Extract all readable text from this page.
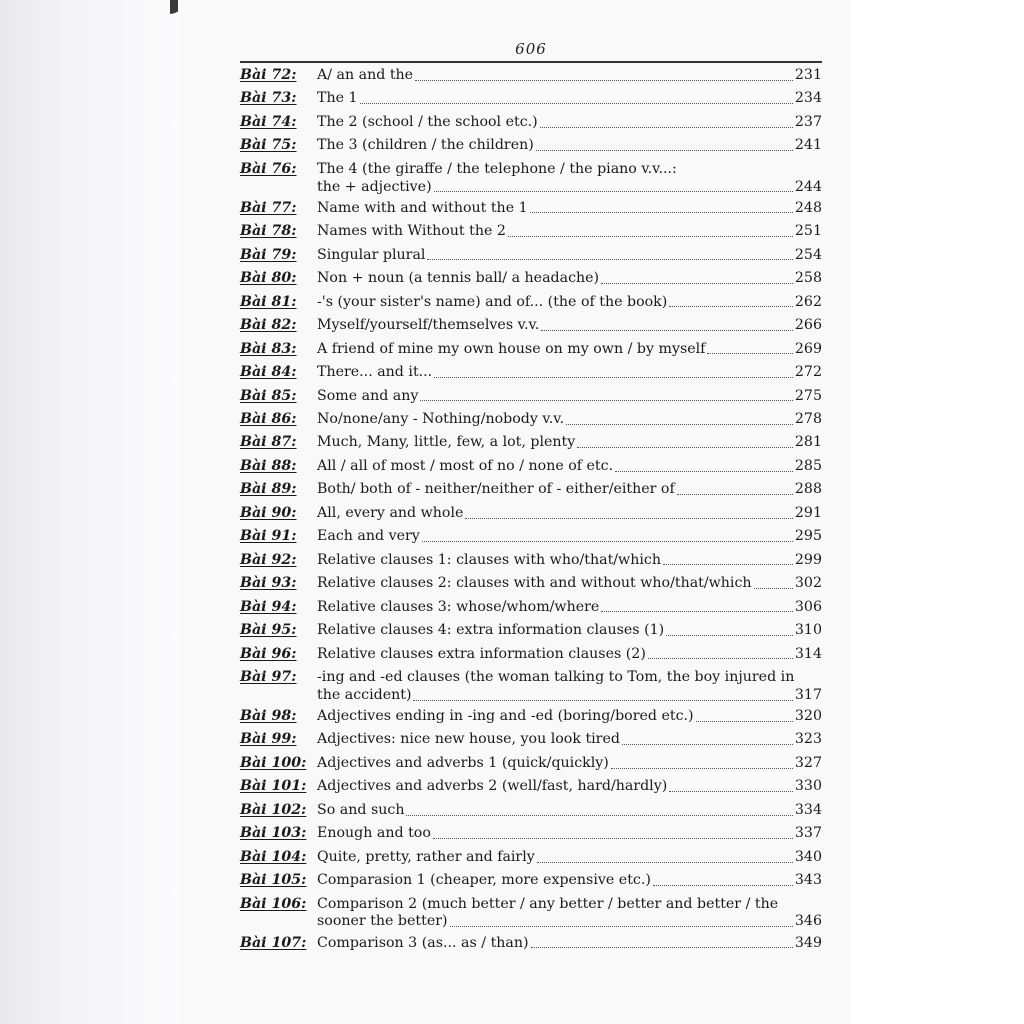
606
Bài 72:	A/ an and the	231
Bài 73:	The 1	234
Bài 74:	The 2 (school / the school etc.)	237
Bài 75:	The 3 (children / the children)	241
Bài 76:	The 4 (the giraffe / the telephone / the piano v.v...:
the + adjective)	244
Bài 77:	Name with and without the 1	248
Bài 78:	Names with Without the 2	251
Bài 79:	Singular plural	254
Bài 80:	Non + noun (a tennis ball/ a headache)	258
Bài 81:	-'s (your sister's name) and of... (the of the book)	262
Bài 82:	Myself/yourself/themselves v.v.	266
Bài 83:	A friend of mine my own house on my own / by myself	269
Bài 84:	There... and it...	272
Bài 85:	Some and any	275
Bài 86:	No/none/any - Nothing/nobody v.v.	278
Bài 87:	Much, Many, little, few, a lot, plenty	281
Bài 88:	All / all of most / most of no / none of etc.	285
Bài 89:	Both/ both of - neither/neither of - either/either of	288
Bài 90:	All, every and whole	291
Bài 91:	Each and very	295
Bài 92:	Relative clauses 1: clauses with who/that/which	299
Bài 93:	Relative clauses 2: clauses with and without who/that/which	302
Bài 94:	Relative clauses 3: whose/whom/where	306
Bài 95:	Relative clauses 4: extra information clauses (1)	310
Bài 96:	Relative clauses extra information clauses (2)	314
Bài 97:	-ing and -ed clauses (the woman talking to Tom, the boy injured in
the accident)	317
Bài 98:	Adjectives ending in -ing and -ed (boring/bored etc.)	320
Bài 99:	Adjectives: nice new house, you look tired	323
Bài 100: Adjectives and adverbs 1 (quick/quickly)	327
Bài 101: Adjectives and adverbs 2 (well/fast, hard/hardly)	330
Bài 102: So and such	334
Bài 103: Enough and too	337
Bài 104: Quite, pretty, rather and fairly	340
Bài 105: Comparasion 1 (cheaper, more expensive etc.)	343
Bài 106: Comparison 2 (much better / any better / better and better / the
sooner the better)	346
Bài 107: Comparison 3 (as... as / than)	349
